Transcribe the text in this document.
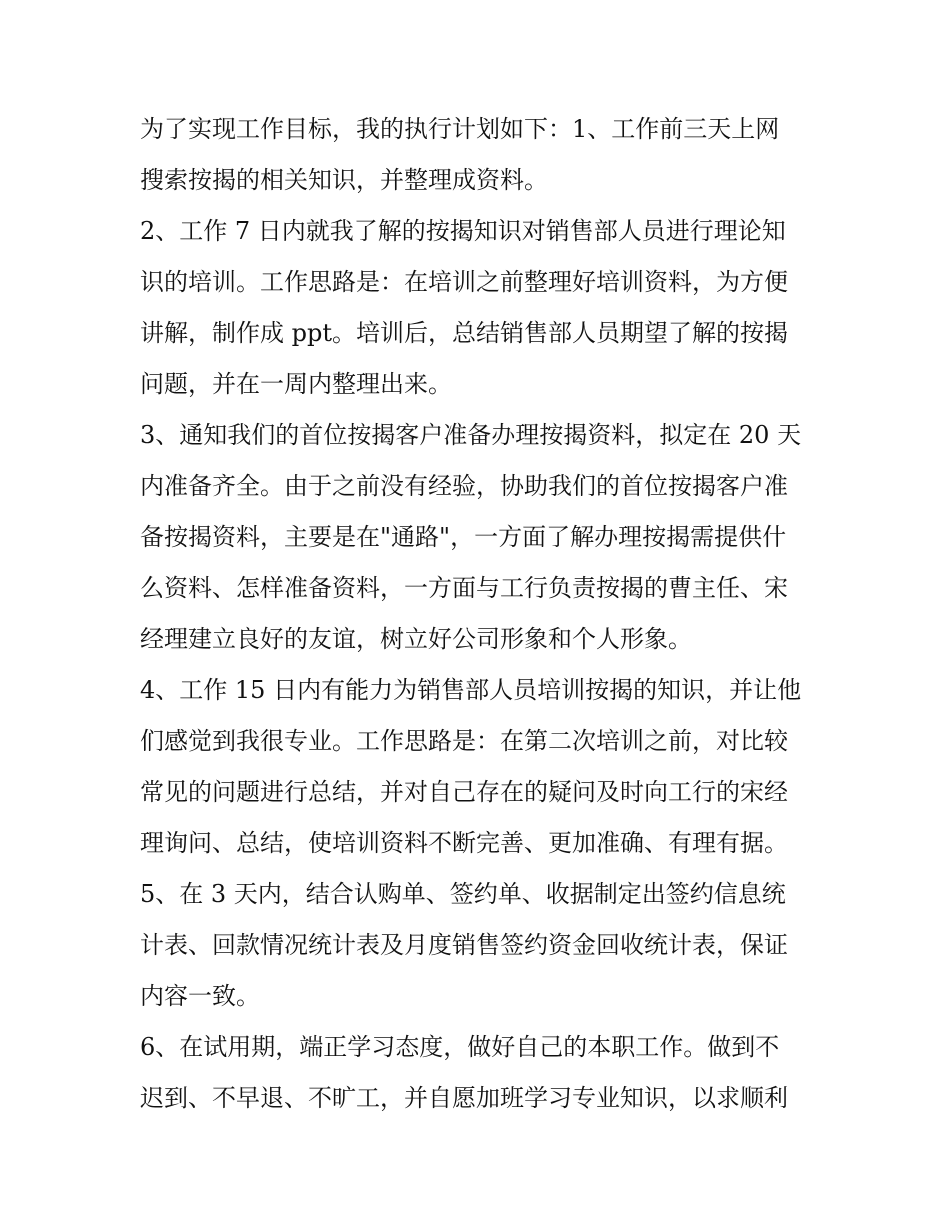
为了实现工作目标，我的执行计划如下：1、工作前三天上网
搜索按揭的相关知识，并整理成资料。
2、工作 7 日内就我了解的按揭知识对销售部人员进行理论知
识的培训。工作思路是：在培训之前整理好培训资料，为方便
讲解，制作成 ppt。培训后，总结销售部人员期望了解的按揭
问题，并在一周内整理出来。
3、通知我们的首位按揭客户准备办理按揭资料，拟定在 20 天
内准备齐全。由于之前没有经验，协助我们的首位按揭客户准
备按揭资料，主要是在"通路"，一方面了解办理按揭需提供什
么资料、怎样准备资料，一方面与工行负责按揭的曹主任、宋
经理建立良好的友谊，树立好公司形象和个人形象。
4、工作 15 日内有能力为销售部人员培训按揭的知识，并让他
们感觉到我很专业。工作思路是：在第二次培训之前，对比较
常见的问题进行总结，并对自己存在的疑问及时向工行的宋经
理询问、总结，使培训资料不断完善、更加准确、有理有据。
5、在 3 天内，结合认购单、签约单、收据制定出签约信息统
计表、回款情况统计表及月度销售签约资金回收统计表，保证
内容一致。
6、在试用期，端正学习态度，做好自己的本职工作。做到不
迟到、不早退、不旷工，并自愿加班学习专业知识，以求顺利
